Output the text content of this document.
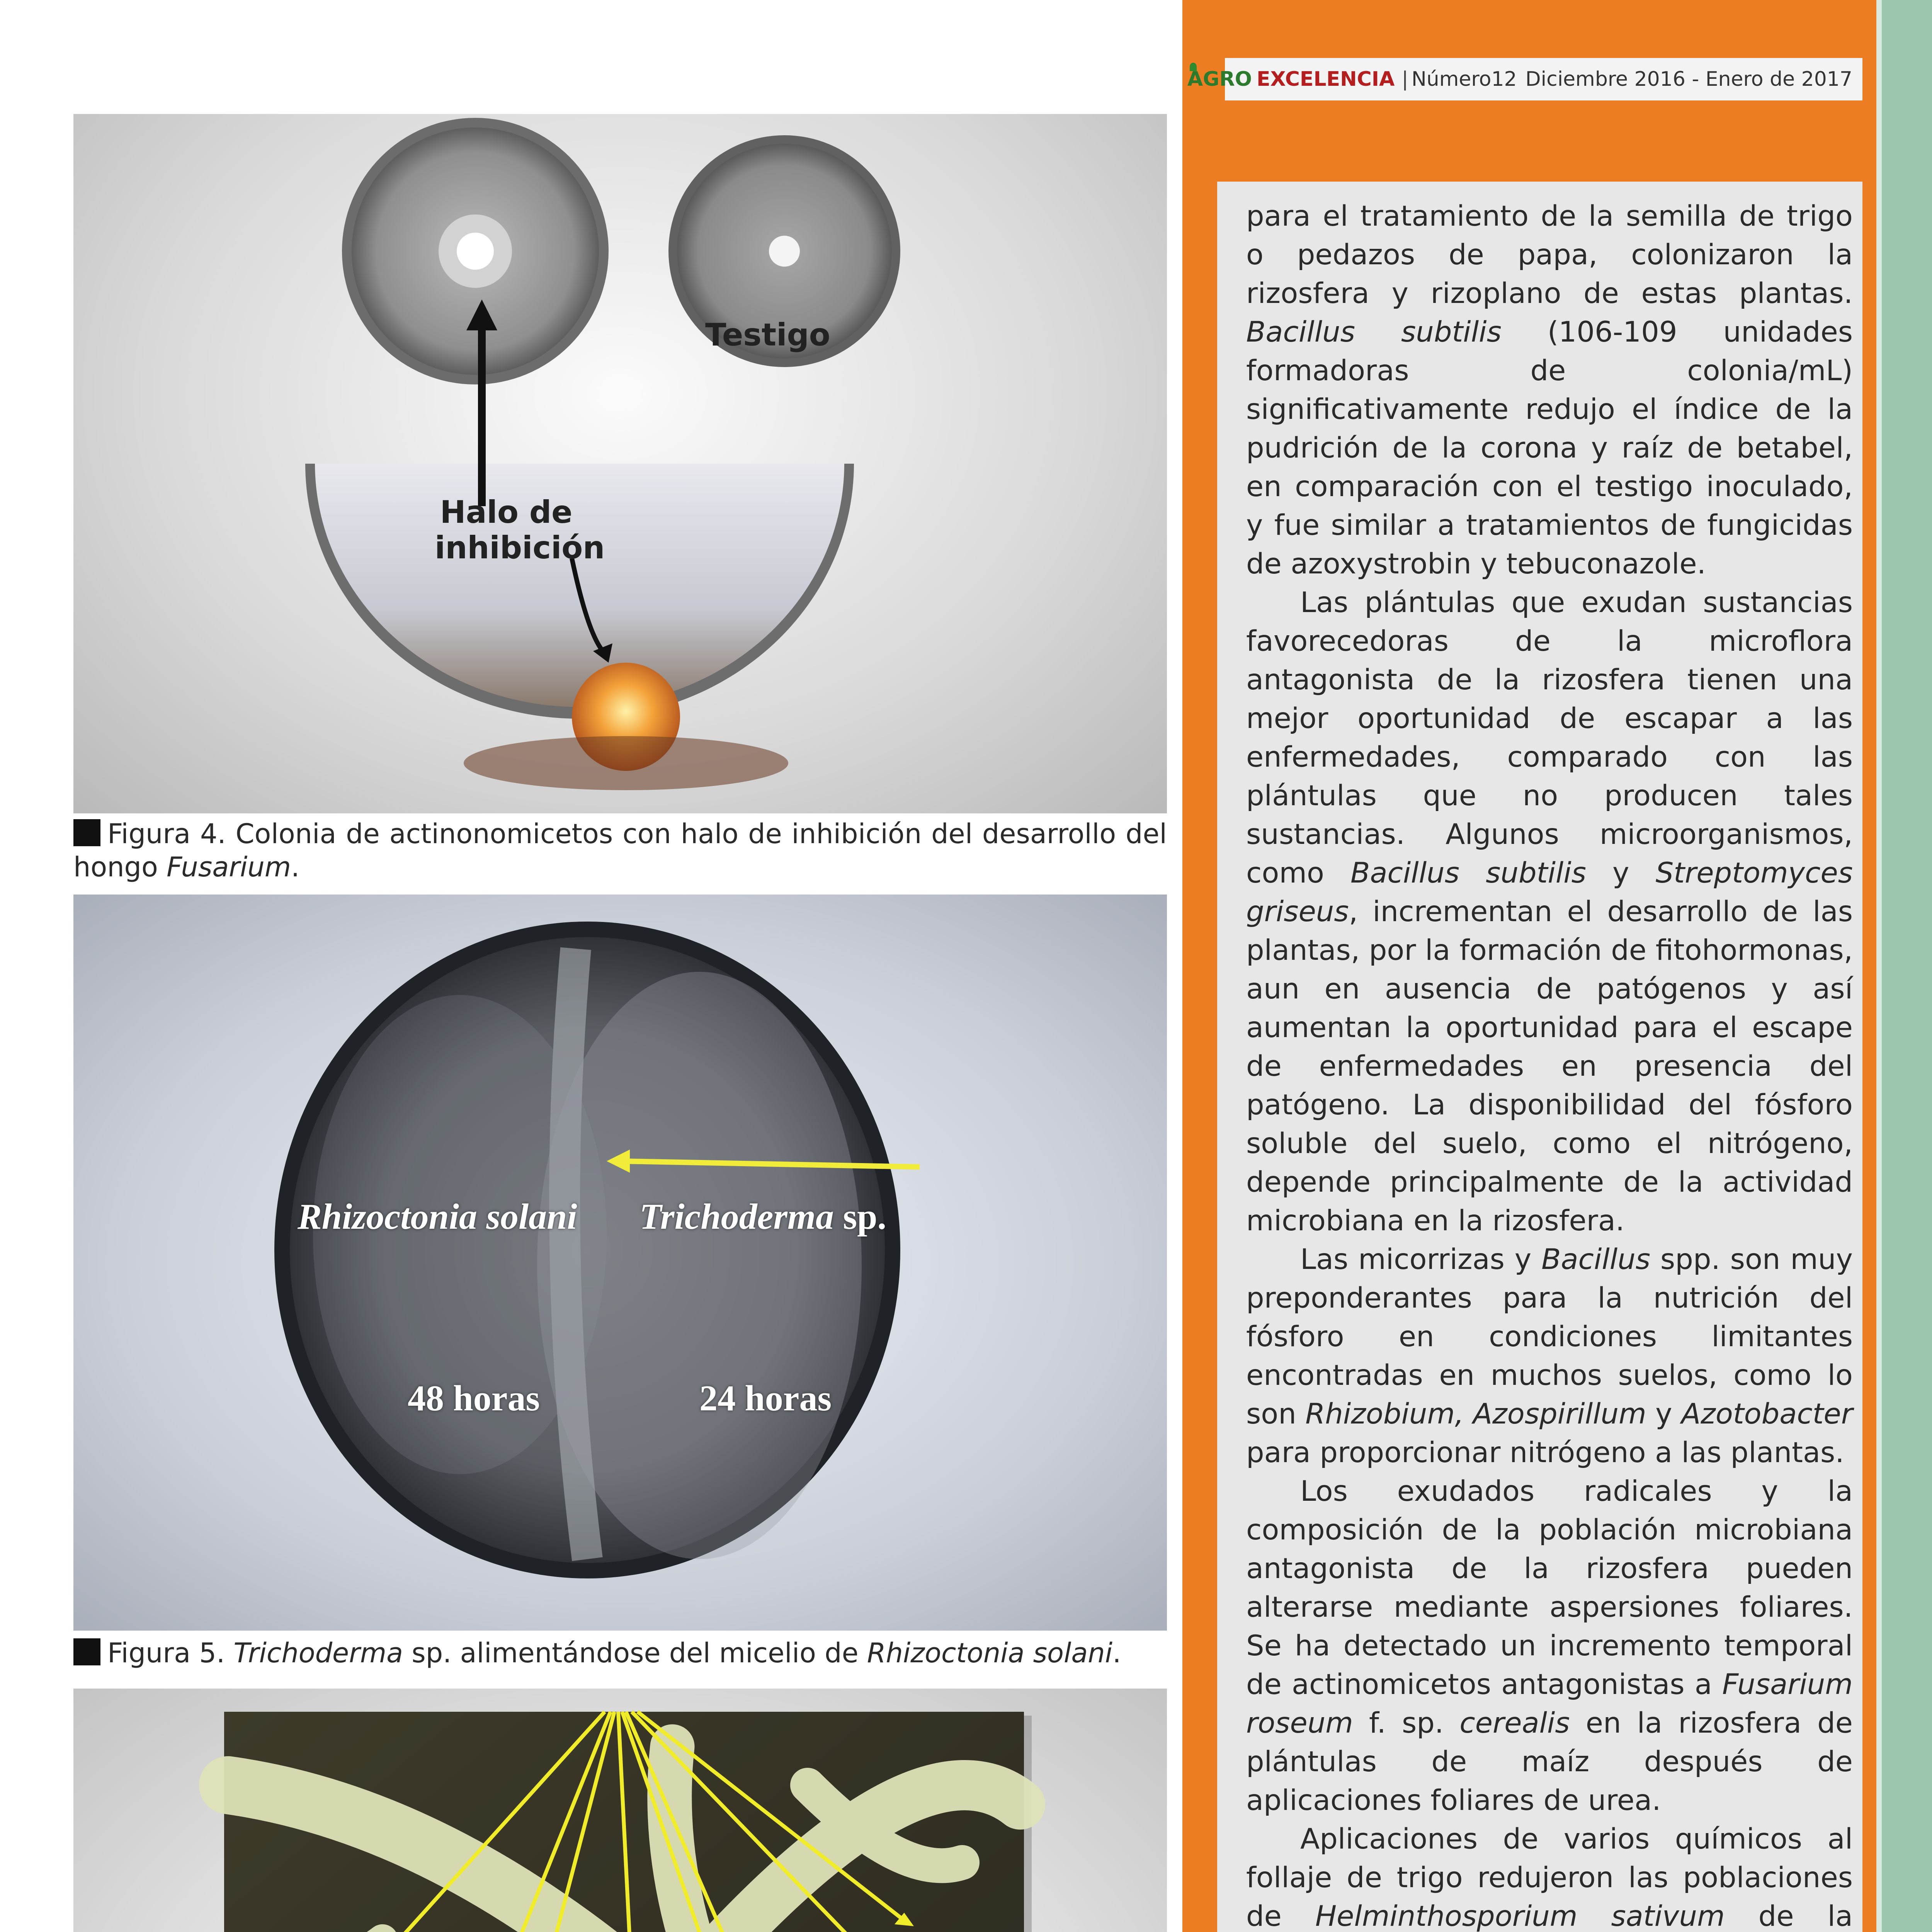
AGRO EXCELENCIA | Número12 Diciembre 2016 - Enero de 2017
Testigo
Halo de
inhibición
Figura 4. Colonia de actinonomicetos con halo de inhibición del desarrollo del hongo Fusarium.
Rhizoctonia solani Trichoderma sp.
48 horas	24 horas
Figura 5. Trichoderma sp. alimentándose del micelio de Rhizoctonia solani.

para el tratamiento de la semilla de trigo o pedazos de papa, colonizaron la rizosfera y rizoplano de estas plantas. Bacillus subtilis (106-109 unidades formadoras de colonia/mL) significativamente redujo el índice de la pudrición de la corona y raíz de betabel, en comparación con el testigo inoculado, y fue similar a tratamientos de fungicidas de azoxystrobin y tebuconazole.

Las plántulas que exudan sustancias favorecedoras de la microflora antagonista de la rizosfera tienen una mejor oportunidad de escapar a las enfermedades, comparado con las plántulas que no producen tales sustancias. Algunos microorganismos, como Bacillus subtilis y Streptomyces griseus, incrementan el desarrollo de las plantas, por la formación de fitohormonas, aun en ausencia de patógenos y así aumentan la oportunidad para el escape de enfermedades en presencia del patógeno. La disponibilidad del fósforo soluble del suelo, como el nitrógeno, depende principalmente de la actividad microbiana en la rizosfera.

Las micorrizas y Bacillus spp. son muy preponderantes para la nutrición del fósforo en condiciones limitantes encontradas en muchos suelos, como lo son Rhizobium, Azospirillum y Azotobacter para proporcionar nitrógeno a las plantas.

Los exudados radicales y la composición de la población microbiana antagonista de la rizosfera pueden alterarse mediante aspersiones foliares. Se ha detectado un incremento temporal de actinomicetos antagonistas a Fusarium roseum f. sp. cerealis en la rizosfera de plántulas de maíz después de aplicaciones foliares de urea.

Aplicaciones de varios químicos al follaje de trigo redujeron las poblaciones de Helminthosporium sativum de la
